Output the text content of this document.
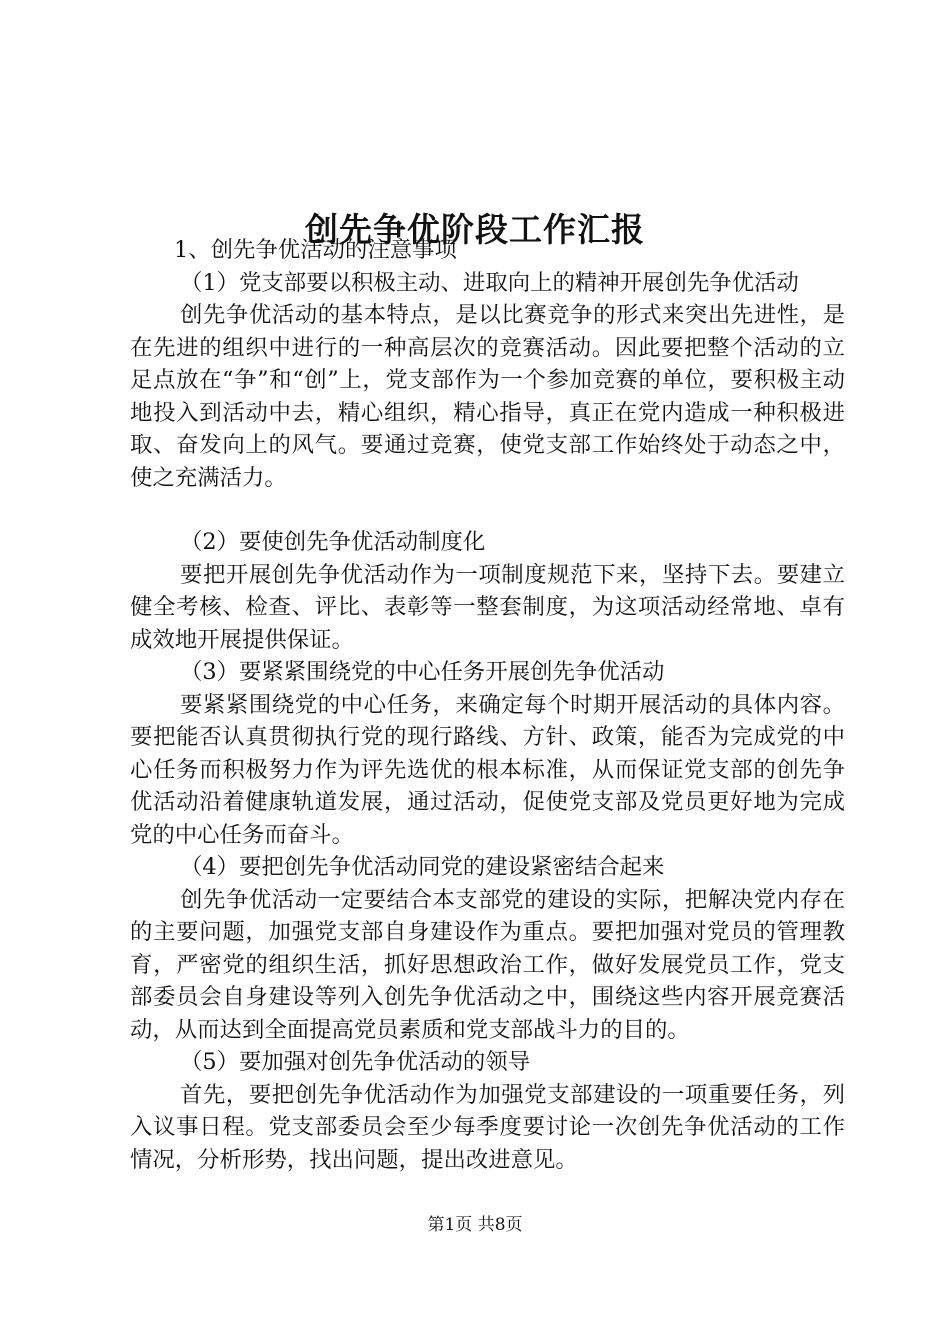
创先争优阶段工作汇报

1、创先争优活动的注意事项

（1）党支部要以积极主动、进取向上的精神开展创先争优活动

创先争优活动的基本特点，是以比赛竞争的形式来突出先进性，是在先进的组织中进行的一种高层次的竞赛活动。因此要把整个活动的立足点放在“争”和“创”上，党支部作为一个参加竞赛的单位，要积极主动地投入到活动中去，精心组织，精心指导，真正在党内造成一种积极进取、奋发向上的风气。要通过竞赛，使党支部工作始终处于动态之中，使之充满活力。

（2）要使创先争优活动制度化

要把开展创先争优活动作为一项制度规范下来，坚持下去。要建立健全考核、检查、评比、表彰等一整套制度，为这项活动经常地、卓有成效地开展提供保证。

（3）要紧紧围绕党的中心任务开展创先争优活动

要紧紧围绕党的中心任务，来确定每个时期开展活动的具体内容。要把能否认真贯彻执行党的现行路线、方针、政策，能否为完成党的中心任务而积极努力作为评先选优的根本标准，从而保证党支部的创先争优活动沿着健康轨道发展，通过活动，促使党支部及党员更好地为完成党的中心任务而奋斗。

（4）要把创先争优活动同党的建设紧密结合起来

创先争优活动一定要结合本支部党的建设的实际，把解决党内存在的主要问题，加强党支部自身建设作为重点。要把加强对党员的管理教育，严密党的组织生活，抓好思想政治工作，做好发展党员工作，党支部委员会自身建设等列入创先争优活动之中，围绕这些内容开展竞赛活动，从而达到全面提高党员素质和党支部战斗力的目的。

（5）要加强对创先争优活动的领导

首先，要把创先争优活动作为加强党支部建设的一项重要任务，列入议事日程。党支部委员会至少每季度要讨论一次创先争优活动的工作情况，分析形势，找出问题，提出改进意见。

第1页 共8页
